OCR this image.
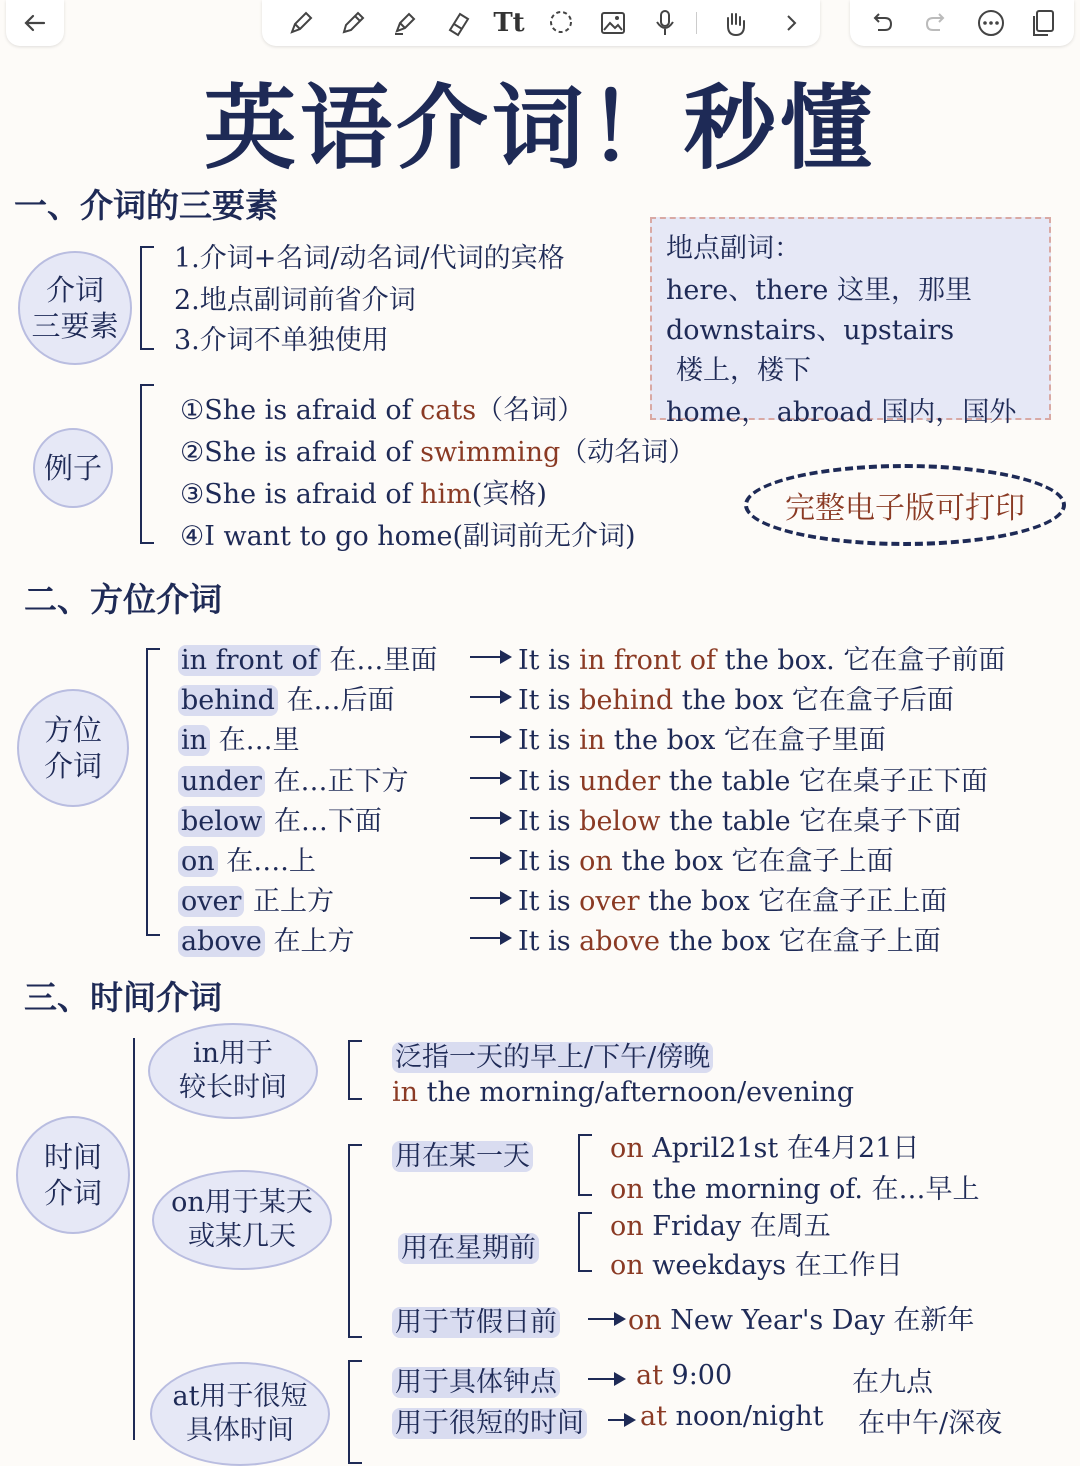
Tt
英语介词！秒懂
一、介词的三要素
介词
三要素
1.介词+名词/动名词/代词的宾格
2.地点副词前省介词
3.介词不单独使用
例子
①She is afraid of cats（名词）
②She is afraid of swimming（动名词）
③She is afraid of him(宾格)
④I want to go home(副词前无介词)
地点副词：
here、there 这里，那里
downstairs、upstairs
楼上，楼下
home， abroad 国内，国外
完整电子版可打印
二、方位介词
方位
介词
in front of 在…里面	It is in front of the box. 它在盒子前面
behind 在…后面	It is behind the box 它在盒子后面
in 在…里	It is in the box 它在盒子里面
under 在…正下方	It is under the table 它在桌子正下面
below 在…下面	It is below the table 它在桌子下面
on 在….上	It is on the box 它在盒子上面
over 正上方	It is over the box 它在盒子正上面
above 在上方	It is above the box 它在盒子上面
三、时间介词
时间
介词
in用于
较长时间
泛指一天的早上/下午/傍晚
in the morning/afternoon/evening
on用于某天
或某几天
用在某一天	on April21st 在4月21日
on the morning of. 在…早上
用在星期前
on Friday 在周五
on weekdays 在工作日
用于节假日前	on New Year's Day 在新年
at用于很短
具体时间
用于具体钟点	at 9:00	在九点
用于很短的时间 at noon/night 在中午/深夜
